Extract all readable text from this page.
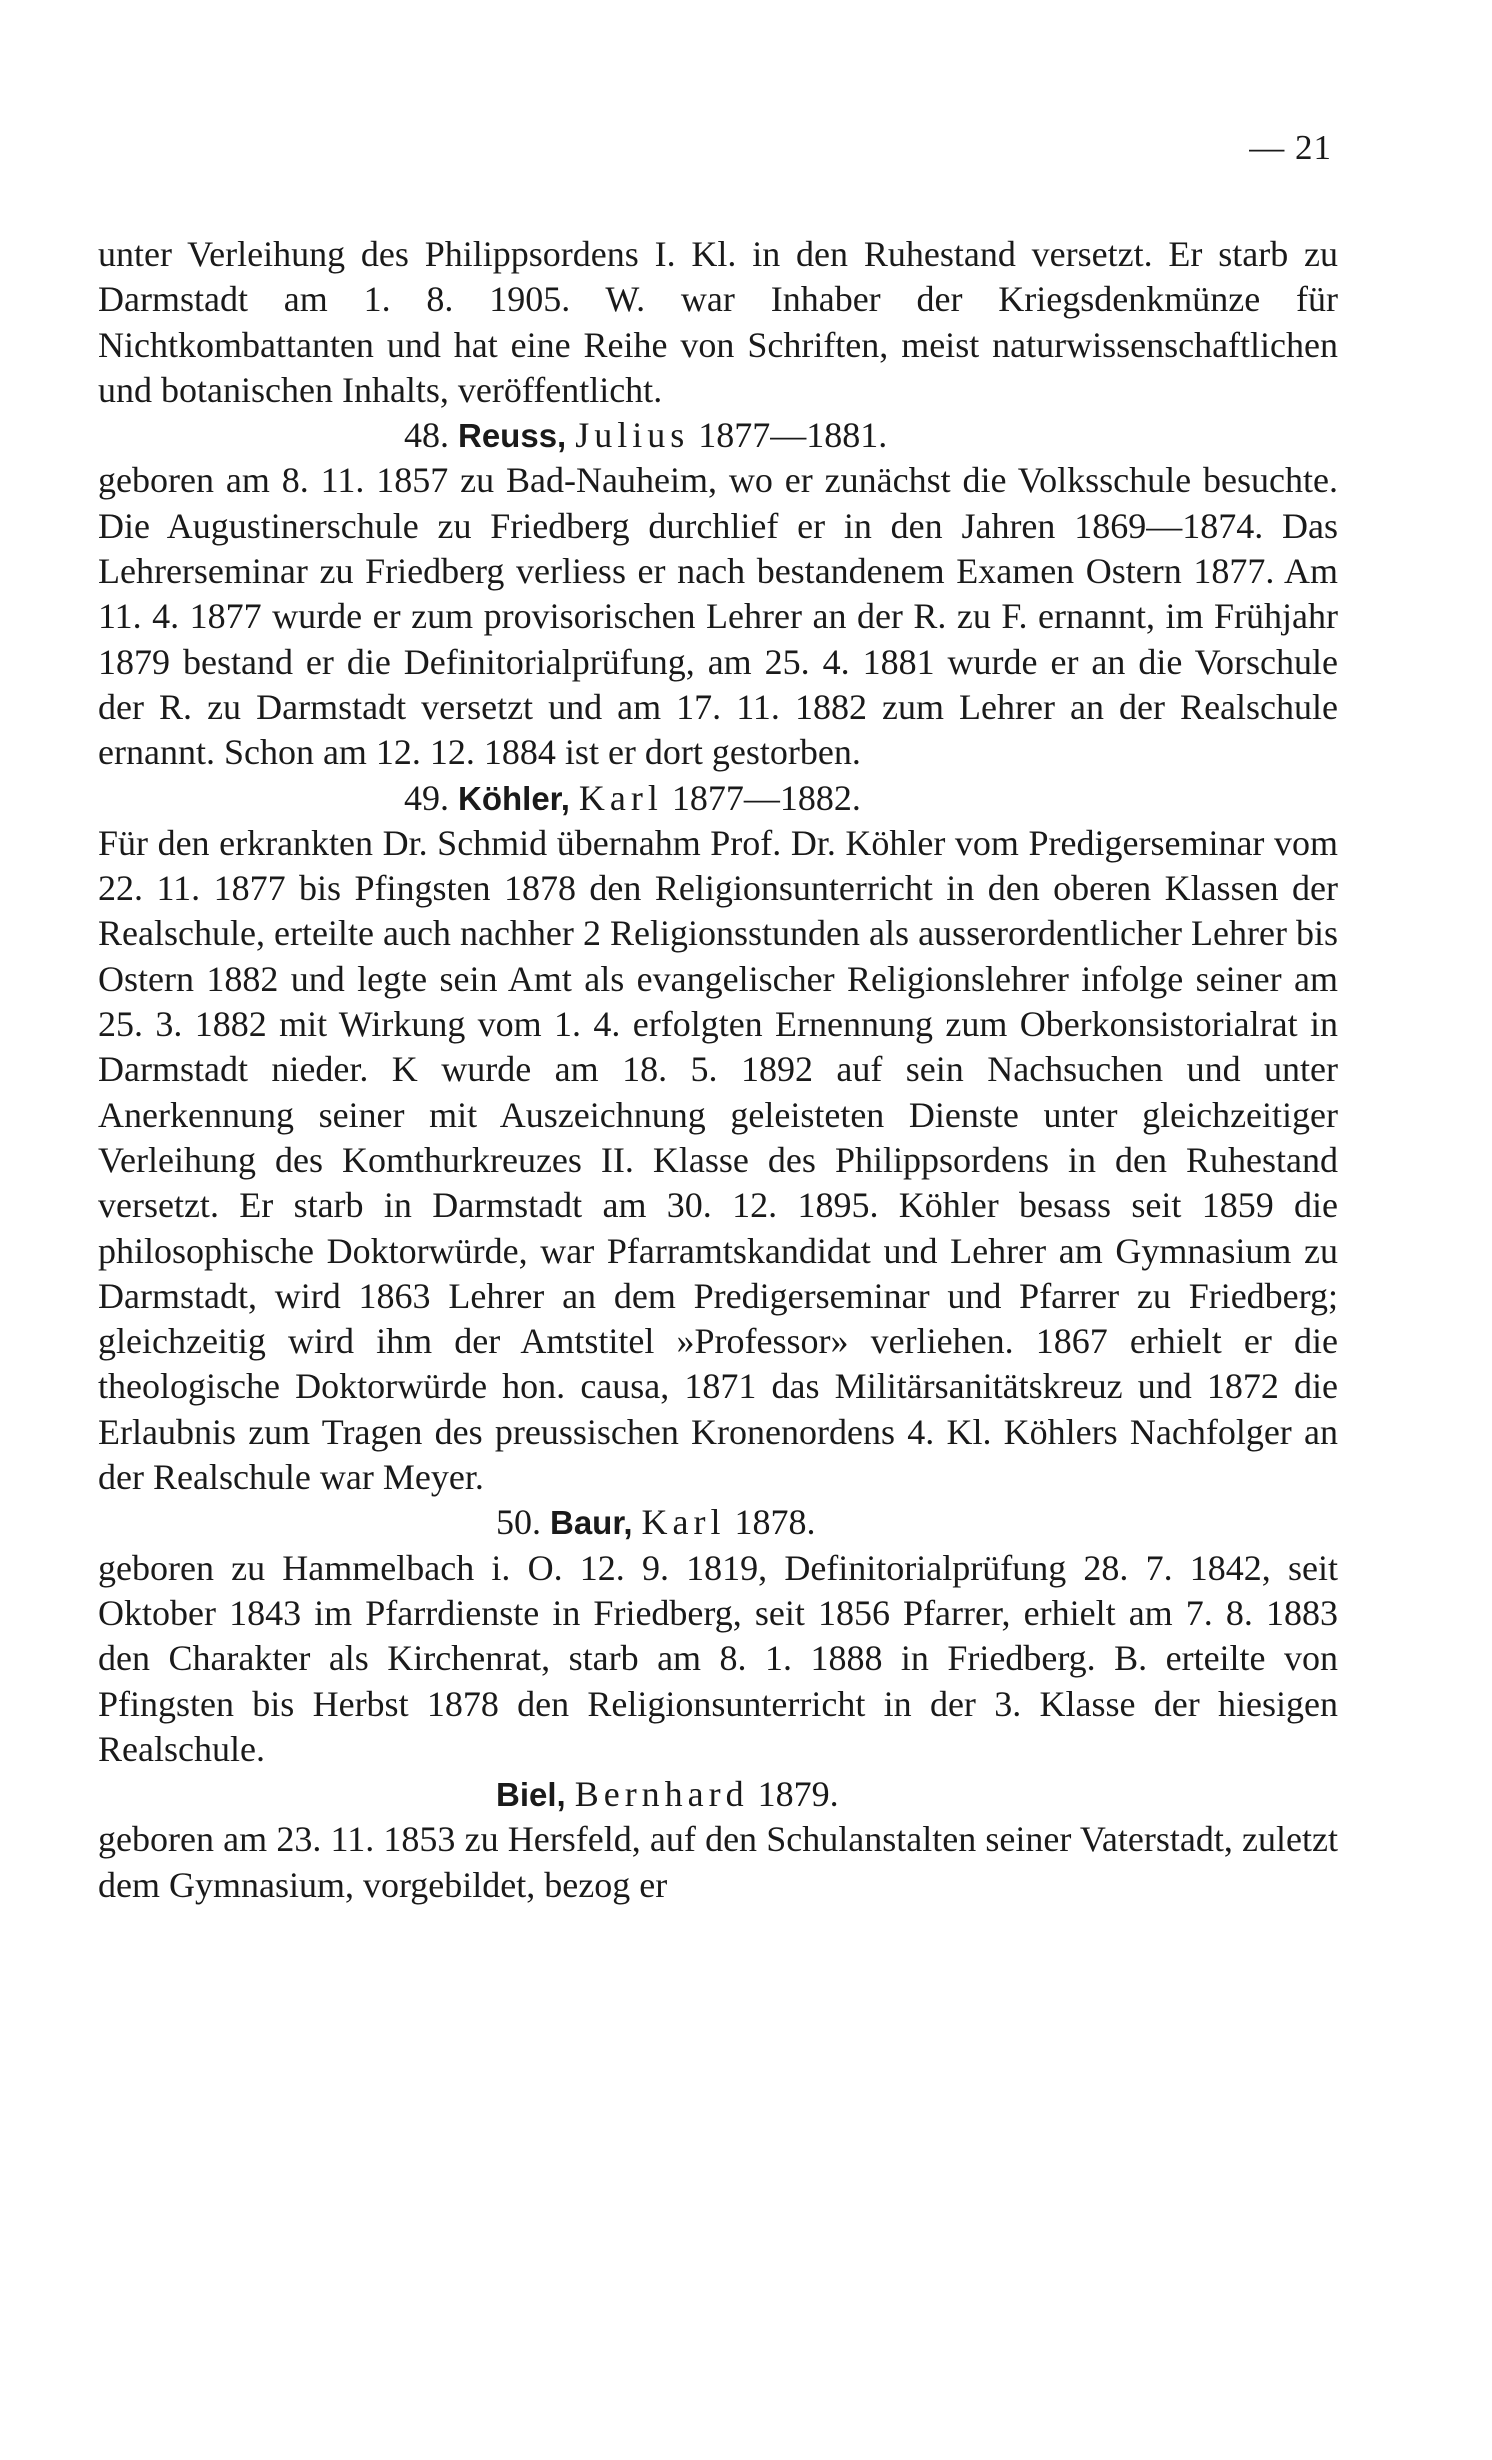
— 21

unter Verleihung des Philippsordens I. Kl. in den Ruhestand versetzt. Er starb zu Darmstadt am 1. 8. 1905. W. war Inhaber der Kriegsdenkmünze für Nichtkombattanten und hat eine Reihe von Schriften, meist naturwissenschaftlichen und botanischen Inhalts, veröffentlicht.

48. Reuss, Julius 1877—1881.

geboren am 8. 11. 1857 zu Bad-Nauheim, wo er zunächst die Volksschule besuchte. Die Augustinerschule zu Friedberg durchlief er in den Jahren 1869—1874. Das Lehrerseminar zu Friedberg verliess er nach bestandenem Examen Ostern 1877. Am 11. 4. 1877 wurde er zum provisorischen Lehrer an der R. zu F. ernannt, im Frühjahr 1879 bestand er die Definitorialprüfung, am 25. 4. 1881 wurde er an die Vorschule der R. zu Darmstadt versetzt und am 17. 11. 1882 zum Lehrer an der Realschule ernannt. Schon am 12. 12. 1884 ist er dort gestorben.

49. Köhler, Karl 1877—1882.

Für den erkrankten Dr. Schmid übernahm Prof. Dr. Köhler vom Predigerseminar vom 22. 11. 1877 bis Pfingsten 1878 den Religionsunterricht in den oberen Klassen der Realschule, erteilte auch nachher 2 Religionsstunden als ausserordentlicher Lehrer bis Ostern 1882 und legte sein Amt als evangelischer Religionslehrer infolge seiner am 25. 3. 1882 mit Wirkung vom 1. 4. erfolgten Ernennung zum Oberkonsistorialrat in Darmstadt nieder. K wurde am 18. 5. 1892 auf sein Nachsuchen und unter Anerkennung seiner mit Auszeichnung geleisteten Dienste unter gleichzeitiger Verleihung des Komthurkreuzes II. Klasse des Philippsordens in den Ruhestand versetzt. Er starb in Darmstadt am 30. 12. 1895. Köhler besass seit 1859 die philosophische Doktorwürde, war Pfarramtskandidat und Lehrer am Gymnasium zu Darmstadt, wird 1863 Lehrer an dem Predigerseminar und Pfarrer zu Friedberg; gleichzeitig wird ihm der Amtstitel »Professor» verliehen. 1867 erhielt er die theologische Doktorwürde hon. causa, 1871 das Militärsanitätskreuz und 1872 die Erlaubnis zum Tragen des preussischen Kronenordens 4. Kl. Köhlers Nachfolger an der Realschule war Meyer.

50. Baur, Karl 1878.

geboren zu Hammelbach i. O. 12. 9. 1819, Definitorialprüfung 28. 7. 1842, seit Oktober 1843 im Pfarrdienste in Friedberg, seit 1856 Pfarrer, erhielt am 7. 8. 1883 den Charakter als Kirchenrat, starb am 8. 1. 1888 in Friedberg. B. erteilte von Pfingsten bis Herbst 1878 den Religionsunterricht in der 3. Klasse der hiesigen Realschule.

Biel, Bernhard 1879.

geboren am 23. 11. 1853 zu Hersfeld, auf den Schulanstalten seiner Vaterstadt, zuletzt dem Gymnasium, vorgebildet, bezog er
